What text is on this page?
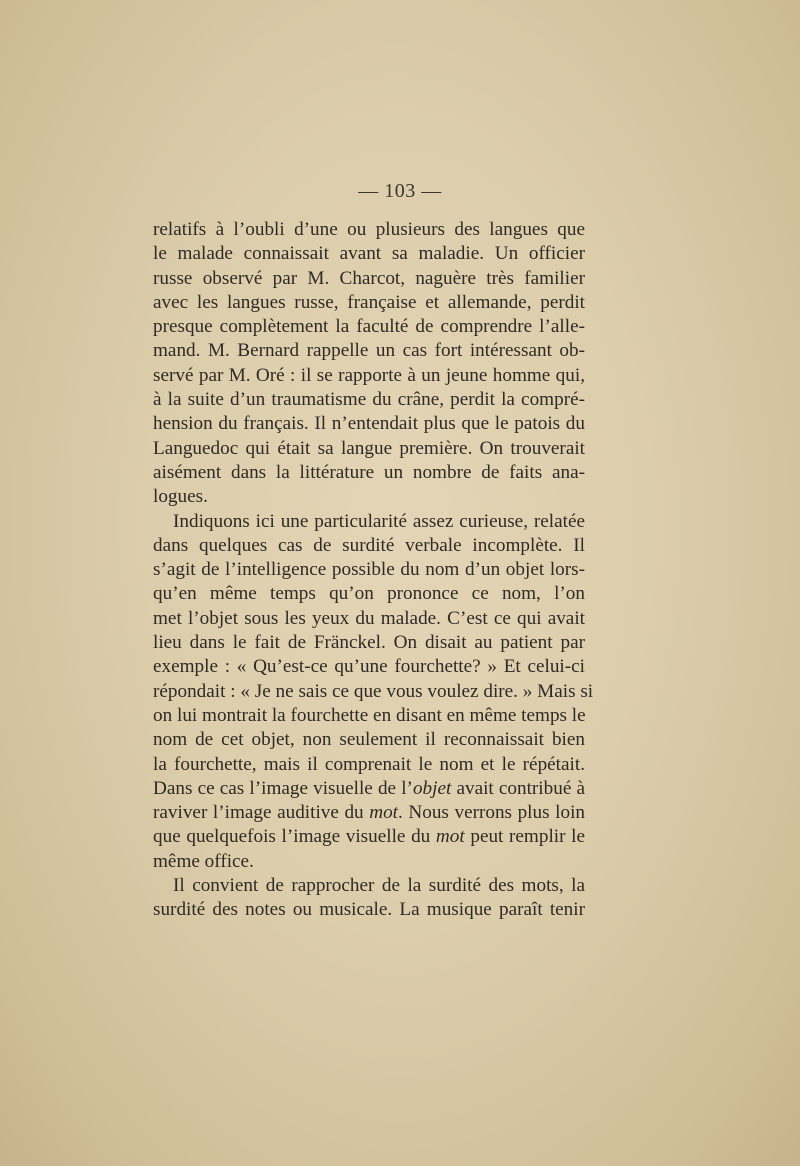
— 103 —
relatifs à l’oubli d’une ou plusieurs des langues que
le malade connaissait avant sa maladie. Un officier
russe observé par M. Charcot, naguère très familier
avec les langues russe, française et allemande, perdit
presque complètement la faculté de comprendre l’alle-
mand. M. Bernard rappelle un cas fort intéressant ob-
servé par M. Oré : il se rapporte à un jeune homme qui,
à la suite d’un traumatisme du crâne, perdit la compré-
hension du français. Il n’entendait plus que le patois du
Languedoc qui était sa langue première. On trouverait
aisément dans la littérature un nombre de faits ana-
logues.
Indiquons ici une particularité assez curieuse, relatée
dans quelques cas de surdité verbale incomplète. Il
s’agit de l’intelligence possible du nom d’un objet lors-
qu’en même temps qu’on prononce ce nom, l’on
met l’objet sous les yeux du malade. C’est ce qui avait
lieu dans le fait de Fränckel. On disait au patient par
exemple : « Qu’est-ce qu’une fourchette? » Et celui-ci
répondait : « Je ne sais ce que vous voulez dire. » Mais si
on lui montrait la fourchette en disant en même temps le
nom de cet objet, non seulement il reconnaissait bien
la fourchette, mais il comprenait le nom et le répétait.
Dans ce cas l’image visuelle de l’objet avait contribué à
raviver l’image auditive du mot. Nous verrons plus loin
que quelquefois l’image visuelle du mot peut remplir le
même office.
Il convient de rapprocher de la surdité des mots, la
surdité des notes ou musicale. La musique paraît tenir
